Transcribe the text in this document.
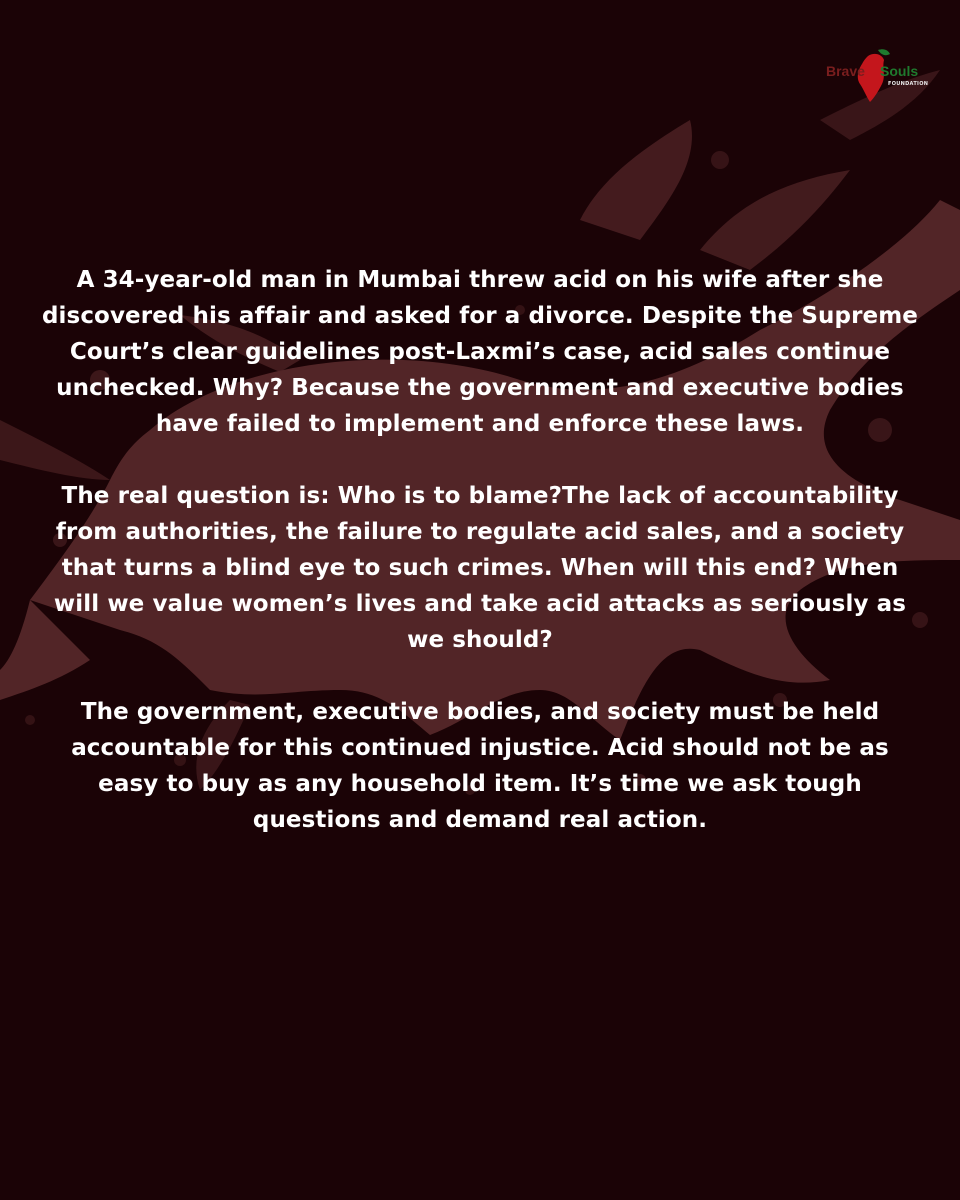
Brave Souls
FOUNDATION

A 34-year-old man in Mumbai threw acid on his wife after she discovered his affair and asked for a divorce. Despite the Supreme Court’s clear guidelines post-Laxmi’s case, acid sales continue unchecked. Why? Because the government and executive bodies have failed to implement and enforce these laws.

The real question is: Who is to blame?The lack of accountability from authorities, the failure to regulate acid sales, and a society that turns a blind eye to such crimes. When will this end? When will we value women’s lives and take acid attacks as seriously as we should?

The government, executive bodies, and society must be held accountable for this continued injustice. Acid should not be as easy to buy as any household item. It’s time we ask tough questions and demand real action.
